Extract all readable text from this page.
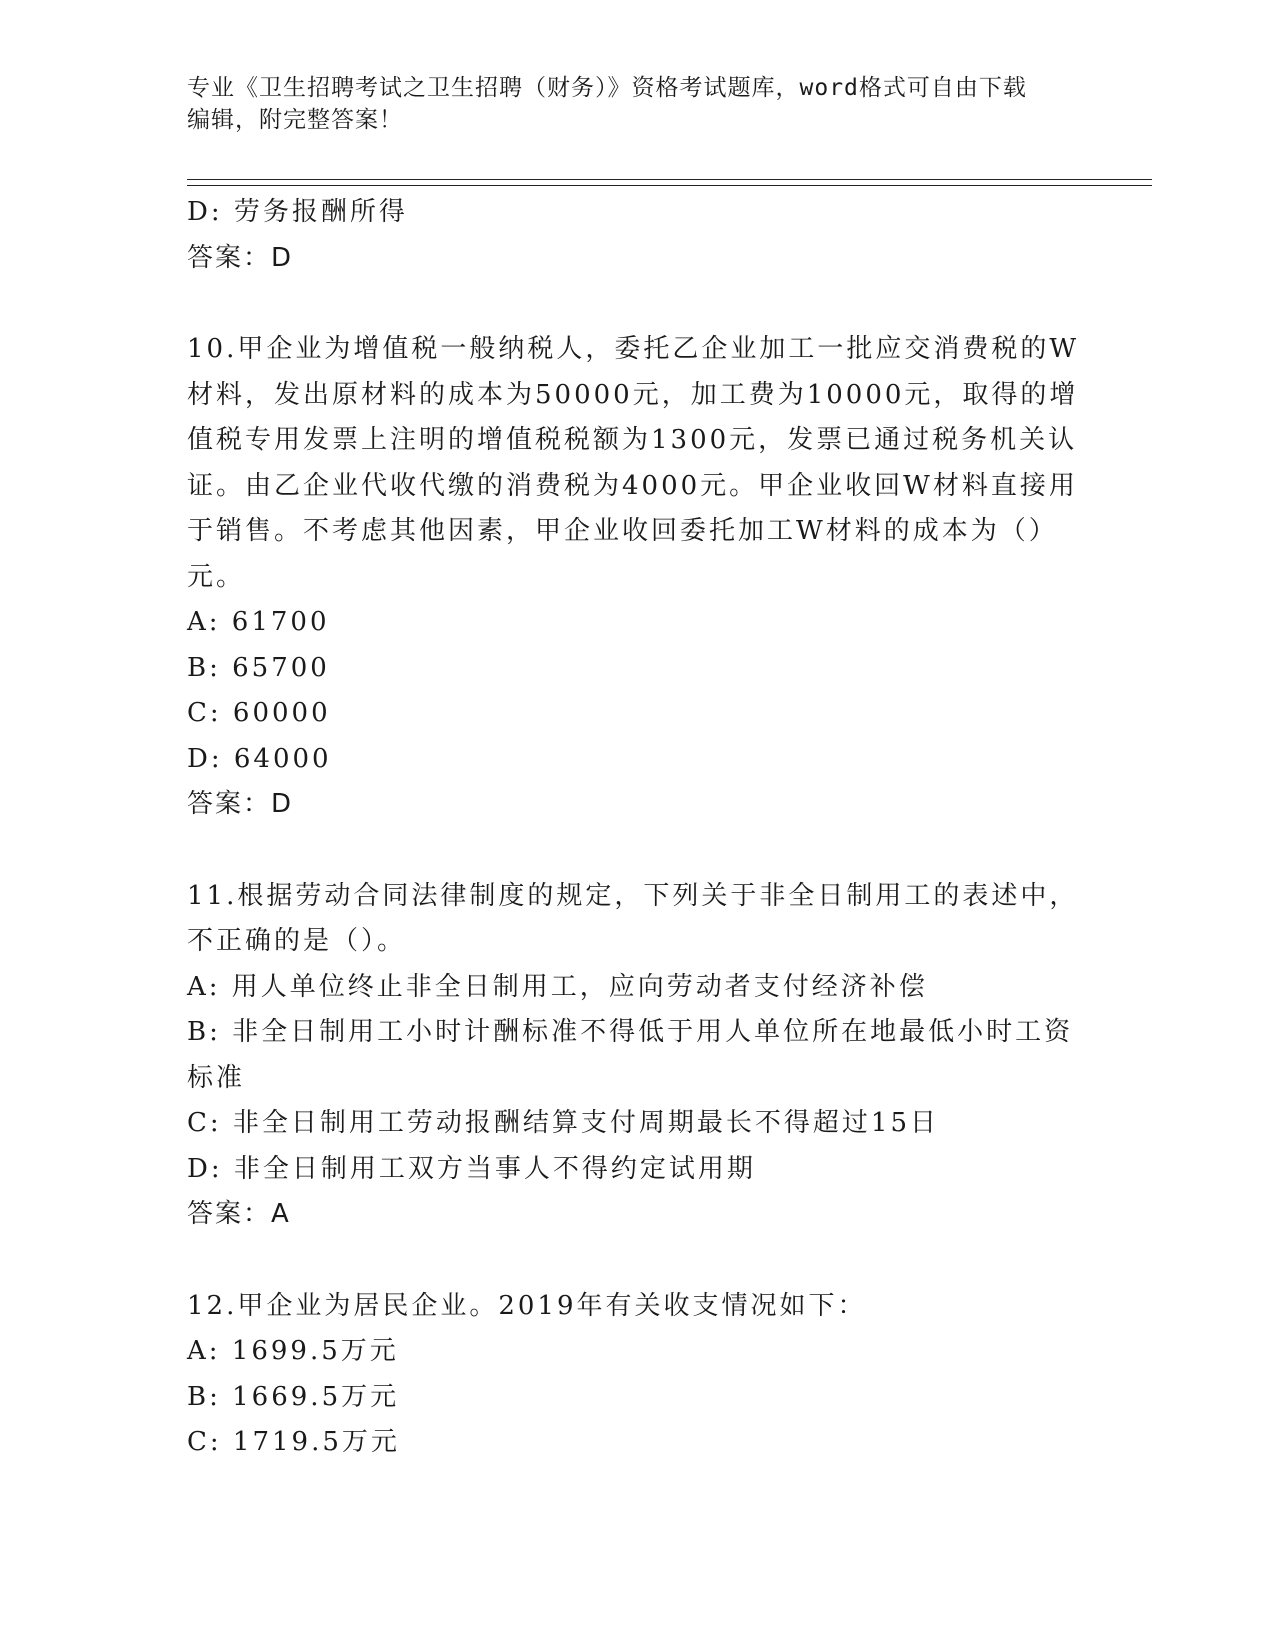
专业《卫生招聘考试之卫生招聘（财务）》资格考试题库，word格式可自由下载
编辑，附完整答案！
D: 劳务报酬所得
答案：D
10.甲企业为增值税一般纳税人，委托乙企业加工一批应交消费税的W
材料，发出原材料的成本为50000元，加工费为10000元，取得的增
值税专用发票上注明的增值税税额为1300元，发票已通过税务机关认
证。由乙企业代收代缴的消费税为4000元。甲企业收回W材料直接用
于销售。不考虑其他因素，甲企业收回委托加工W材料的成本为（）
元。
A: 61700
B: 65700
C: 60000
D: 64000
答案：D
11.根据劳动合同法律制度的规定，下列关于非全日制用工的表述中，
不正确的是（）。
A: 用人单位终止非全日制用工，应向劳动者支付经济补偿
B: 非全日制用工小时计酬标准不得低于用人单位所在地最低小时工资
标准
C: 非全日制用工劳动报酬结算支付周期最长不得超过15日
D: 非全日制用工双方当事人不得约定试用期
答案：A
12.甲企业为居民企业。2019年有关收支情况如下：
A: 1699.5万元
B: 1669.5万元
C: 1719.5万元
